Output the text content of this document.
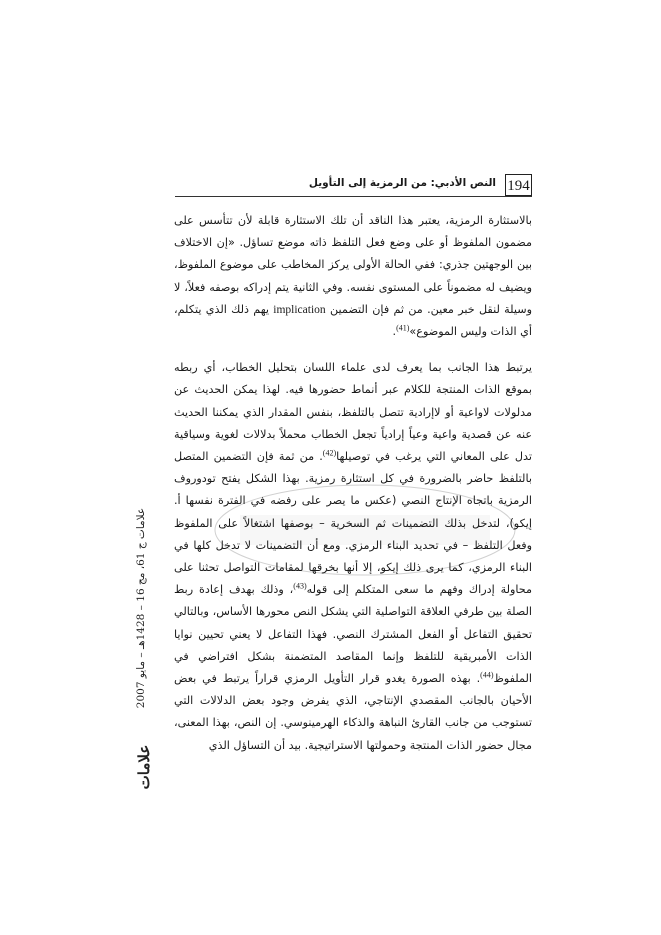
194
النص الأدبي: من الرمزية إلى التأويل

بالاستثارة الرمزية، يعتبر هذا الناقد أن تلك الاستثارة قابلة لأن تتأسس على مضمون الملفوظ أو على وضع فعل التلفظ ذاته موضع تساؤل. «إن الاختلاف بين الوجهتين جذري: ففي الحالة الأولى يركز المخاطب على موضوع الملفوظ، ويضيف له مضموناً على المستوى نفسه. وفي الثانية يتم إدراكه بوصفه فعلاً، لا وسيلة لنقل خبر معين. من ثم فإن التضمين implication يهم ذلك الذي يتكلم، أي الذات وليس الموضوع»$^{(41)}$.

يرتبط هذا الجانب بما يعرف لدى علماء اللسان بتحليل الخطاب، أي ربطه بموقع الذات المنتجة للكلام عبر أنماط حضورها فيه. لهذا يمكن الحديث عن مدلولات لاواعية أو لاإرادية تتصل بالتلفظ، بنفس المقدار الذي يمكننا الحديث عنه عن قصدية واعية وعياً إرادياً تجعل الخطاب محملاً بدلالات لغوية وسياقية تدل على المعاني التي يرغب في توصيلها$^{(42)}$. من ثمة فإن التضمين المتصل بالتلفظ حاضر بالضرورة في كل استثارة رمزية. بهذا الشكل يفتح تودوروف الرمزية باتجاه الإنتاج النصي (عكس ما يصر على رفضه في الفترة نفسها أ. إيكو)، لتدخل بذلك التضمينات ثم السخرية – بوصفها اشتغالاً على الملفوظ وفعل التلفظ – في تحديد البناء الرمزي. ومع أن التضمينات لا تدخل كلها في البناء الرمزي، كما يرى ذلك إيكو، إلا أنها بخرقها لمقامات التواصل تحثنا على محاولة إدراك وفهم ما سعى المتكلم إلى قوله$^{(43)}$، وذلك بهدف إعادة ربط الصلة بين طرفي العلاقة التواصلية التي يشكل النص محورها الأساس، وبالتالي تحقيق التفاعل أو الفعل المشترك النصي. فهذا التفاعل لا يعني تحيين نوايا الذات الأمبريقية للتلفظ وإنما المقاصد المتضمنة بشكل افتراضي في الملفوظ$^{(44)}$. بهذه الصورة يغدو قرار التأويل الرمزي قراراً يرتبط في بعض الأحيان بالجانب المقصدي الإنتاجي، الذي يفرض وجود بعض الدلالات التي تستوجب من جانب القارئ النباهة والذكاء الهرمينوسي. إن النص، بهذا المعنى، مجال حضور الذات المنتجة وحمولتها الاستراتيجية. بيد أن التساؤل الذي

علامات ج 61، مج 16 – 1428هـ – مايو 2007
علامات
